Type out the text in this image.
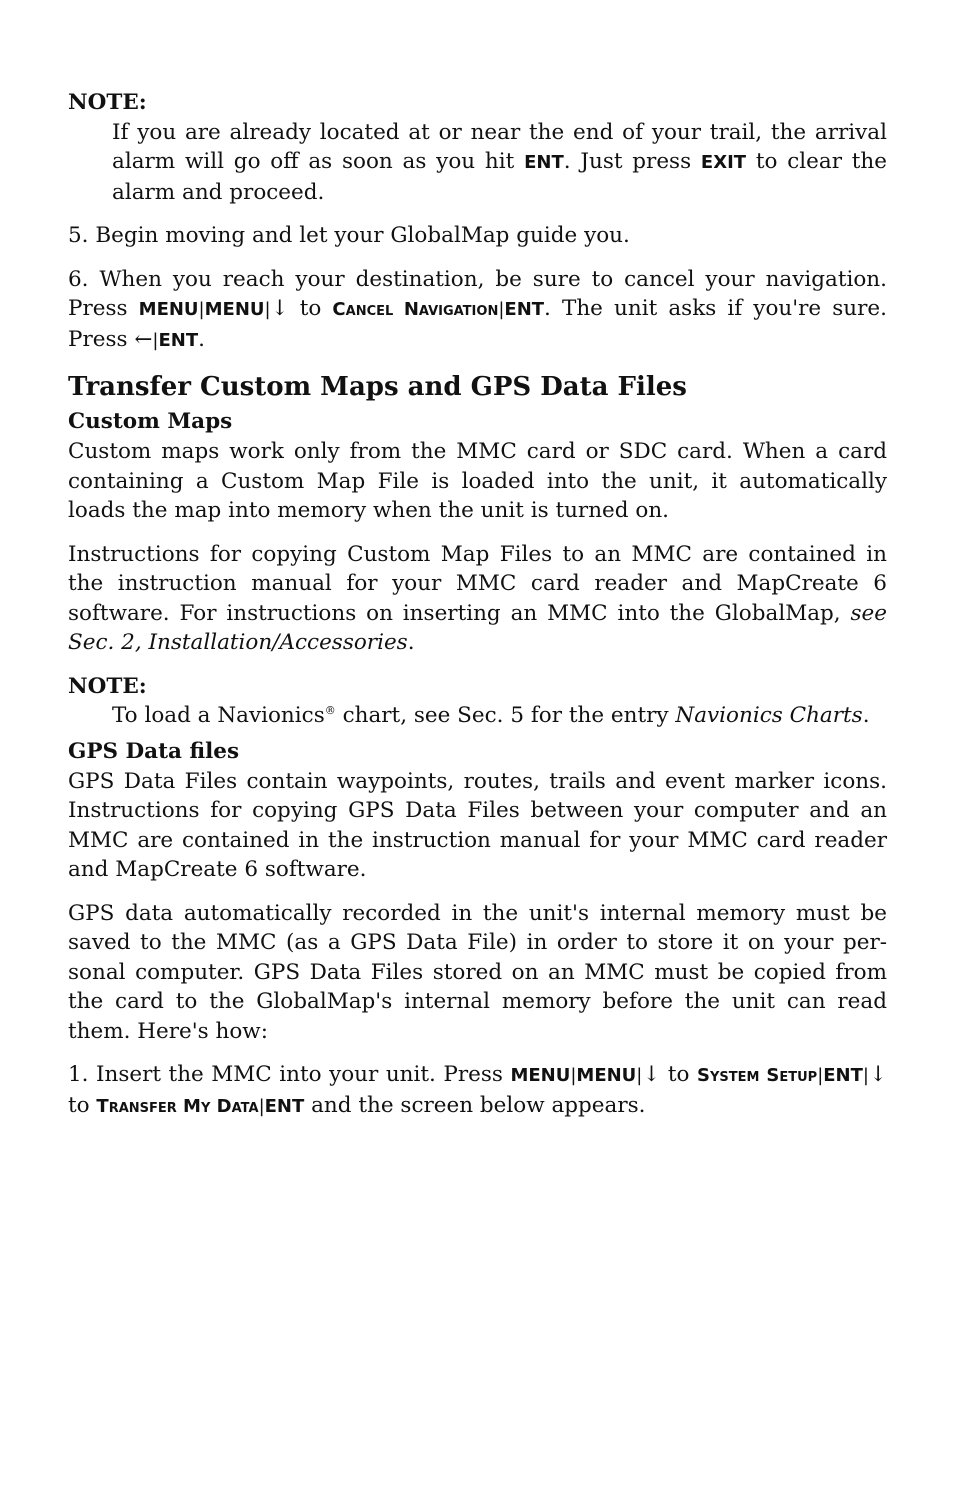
NOTE:

If you are already located at or near the end of your trail, the arrival alarm will go off as soon as you hit ENT. Just press EXIT to clear the alarm and proceed.

5. Begin moving and let your GlobalMap guide you.

6. When you reach your destination, be sure to cancel your navigation. Press MENU|MENU|↓ to Cancel Navigation|ENT. The unit asks if you're sure. Press ←|ENT.

Transfer Custom Maps and GPS Data Files
Custom Maps

Custom maps work only from the MMC card or SDC card. When a card containing a Custom Map File is loaded into the unit, it automatically loads the map into memory when the unit is turned on.

Instructions for copying Custom Map Files to an MMC are contained in the instruction manual for your MMC card reader and MapCreate 6 software. For instructions on inserting an MMC into the GlobalMap, see Sec. 2, Installation/Accessories.

NOTE:

To load a Navionics® chart, see Sec. 5 for the entry Navionics Charts.

GPS Data files

GPS Data Files contain waypoints, routes, trails and event marker icons. Instructions for copying GPS Data Files between your computer and an MMC are contained in the instruction manual for your MMC card reader and MapCreate 6 software.

GPS data automatically recorded in the unit's internal memory must be saved to the MMC (as a GPS Data File) in order to store it on your personal computer. GPS Data Files stored on an MMC must be copied from the card to the GlobalMap's internal memory before the unit can read them. Here's how:

1. Insert the MMC into your unit. Press MENU|MENU|↓ to System Setup|ENT|↓ to Transfer My Data|ENT and the screen below appears.
